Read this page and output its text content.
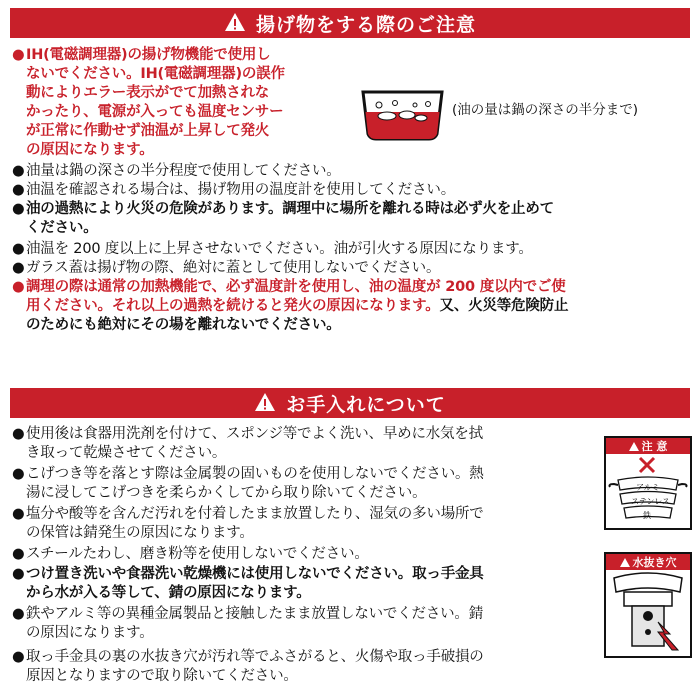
揚げ物をする際のご注意
● IH(電磁調理器)の揚げ物機能で使用し
ないでください。IH(電磁調理器)の誤作
動によりエラー表示がでて加熱されな
かったり、電源が入っても温度センサー
が正常に作動せず油温が上昇して発火
の原因になります。
(油の量は鍋の深さの半分まで)
● 油量は鍋の深さの半分程度で使用してください。
● 油温を確認される場合は、揚げ物用の温度計を使用してください。
● 油の過熱により火災の危険があります。調理中に場所を離れる時は必ず火を止めて
ください。
● 油温を 200 度以上に上昇させないでください。油が引火する原因になります。
● ガラス蓋は揚げ物の際、絶対に蓋として使用しないでください。
● 調理の際は通常の加熱機能で、必ず温度計を使用し、油の温度が 200 度以内でご使
用ください。それ以上の過熱を続けると発火の原因になります。又、火災等危険防止
のためにも絶対にその場を離れないでください。
お手入れについて
● 使用後は食器用洗剤を付けて、スポンジ等でよく洗い、早めに水気を拭
き取って乾燥させてください。
● こげつき等を落とす際は金属製の固いものを使用しないでください。熱
湯に浸してこげつきを柔らかくしてから取り除いてください。
● 塩分や酸等を含んだ汚れを付着したまま放置したり、湿気の多い場所で
の保管は錆発生の原因になります。
● スチールたわし、磨き粉等を使用しないでください。
● つけ置き洗いや食器洗い乾燥機には使用しないでください。取っ手金具
から水が入る等して、錆の原因になります。
● 鉄やアルミ等の異種金属製品と接触したまま放置しないでください。錆
の原因になります。
● 取っ手金具の裏の水抜き穴が汚れ等でふさがると、火傷や取っ手破損の
原因となりますので取り除いてください。
注 意
アルミ
ステンレス
鉄
水抜き穴
